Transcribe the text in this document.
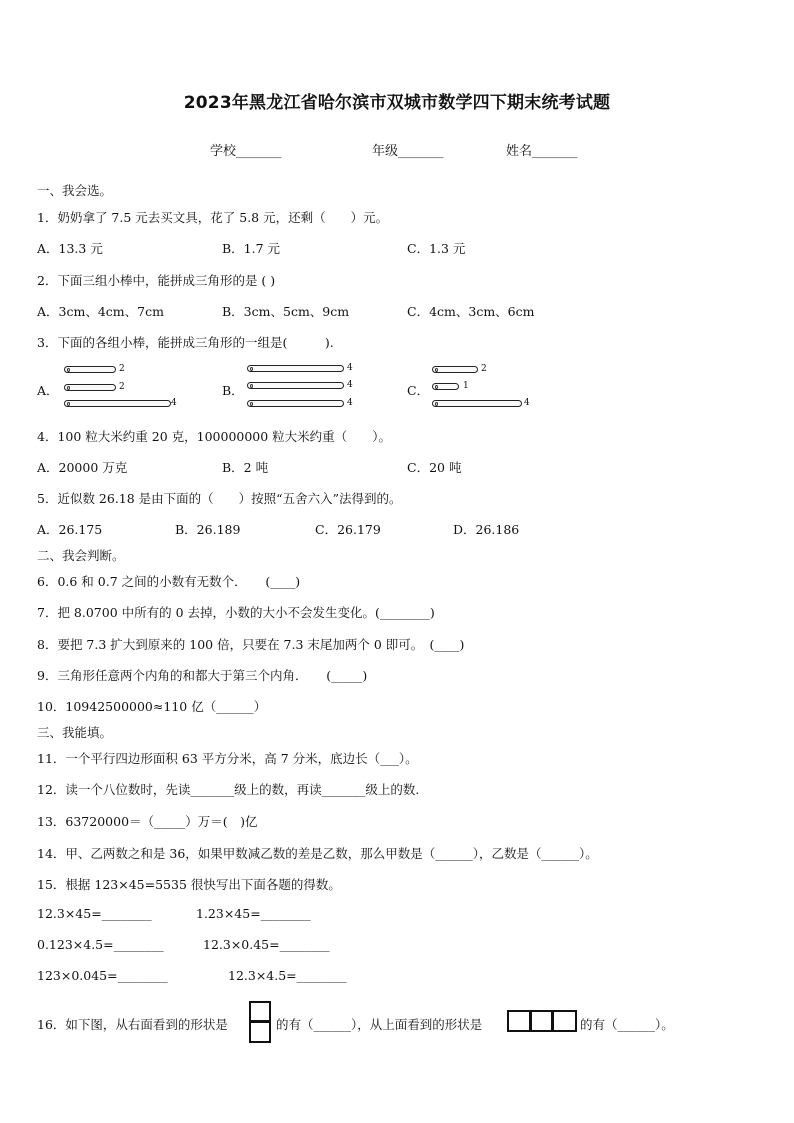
2023年黑龙江省哈尔滨市双城市数学四下期末统考试题
学校_______	年级_______	姓名_______
一、我会选。
1．奶奶拿了 7.5 元去买文具，花了 5.8 元，还剩（　　）元。
A．13.3 元	B．1.7 元	C．1.3 元
2．下面三组小棒中，能拼成三角形的是 ( )
A．3cm、4cm、7cm	B．3cm、5cm、9cm	C．4cm、3cm、6cm
3．下面的各组小棒，能拼成三角形的一组是(　　　).
A．
2
2
4
B．
4
4
4
C．
2
1
4
4．100 粒大米约重 20 克，100000000 粒大米约重（　　）。
A．20000 万克	B．2 吨	C．20 吨
5．近似数 26.18 是由下面的（　　）按照“五舍六入”法得到的。
A．26.175	B．26.189	C．26.179	D．26.186
二、我会判断。
6．0.6 和 0.7 之间的小数有无数个．　　(____)
7．把 8.0700 中所有的 0 去掉，小数的大小不会发生变化。(________)
8．要把 7.3 扩大到原来的 100 倍，只要在 7.3 末尾加两个 0 即可。　(____)
9．三角形任意两个内角的和都大于第三个内角．　　(_____)
10．10942500000≈110 亿（______）
三、我能填。
11．一个平行四边形面积 63 平方分米，高 7 分米，底边长（___）。
12．读一个八位数时，先读_______级上的数，再读_______级上的数.
13．63720000＝（_____）万＝(　)亿
14．甲、乙两数之和是 36，如果甲数减乙数的差是乙数，那么甲数是（______），乙数是（______）。
15．根据 123×45=5535 很快写出下面各题的得数。
12.3×45=________	1.23×45=________
0.123×4.5=________	12.3×0.45=________
123×0.045=________	12.3×4.5=________
16．如下图，从右面看到的形状是	的有（______），从上面看到的形状是	的有（______）。
